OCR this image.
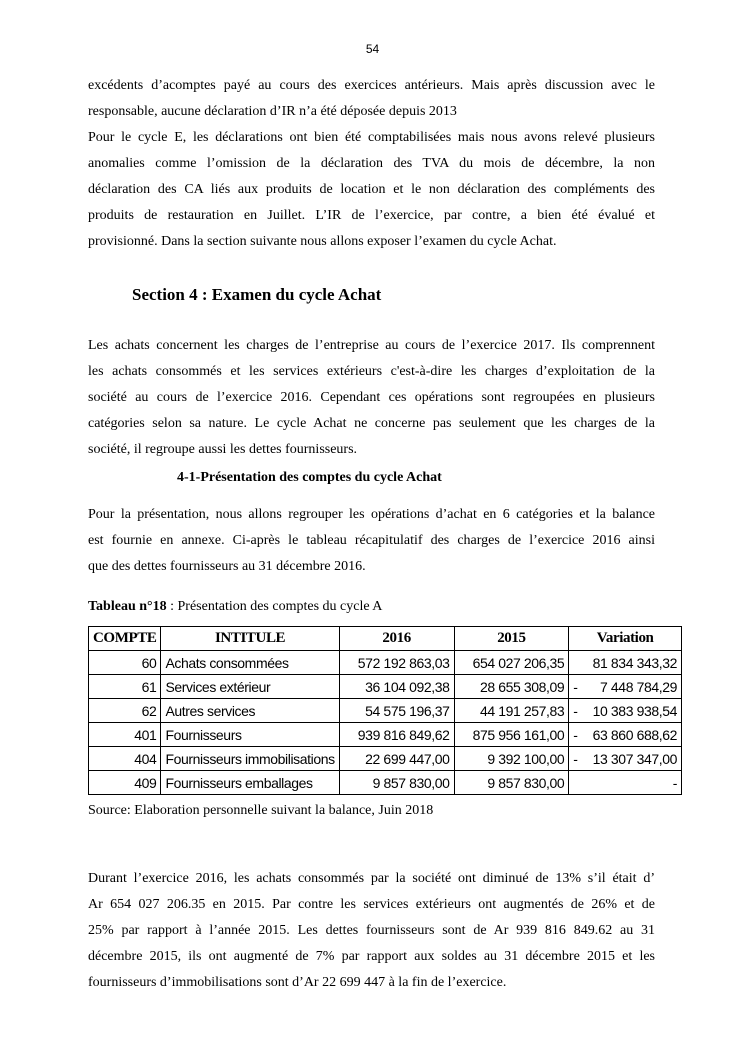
54
excédents d’acomptes payé au cours des exercices antérieurs. Mais après discussion avec le
responsable, aucune déclaration d’IR n’a été déposée depuis 2013
Pour le cycle E, les déclarations ont bien été comptabilisées mais nous avons relevé plusieurs
anomalies comme l’omission de la déclaration des TVA du mois de décembre, la non
déclaration des CA liés aux produits de location et le non déclaration des compléments des
produits de restauration en Juillet. L’IR de l’exercice, par contre, a bien été évalué et
provisionné. Dans la section suivante nous allons exposer l’examen du cycle Achat.
Section 4 : Examen du cycle Achat
Les achats concernent les charges de l’entreprise au cours de l’exercice 2017. Ils comprennent
les achats consommés et les services extérieurs c'est-à-dire les charges d’exploitation de la
société au cours de l’exercice 2016. Cependant ces opérations sont regroupées en plusieurs
catégories selon sa nature. Le cycle Achat ne concerne pas seulement que les charges de la
société, il regroupe aussi les dettes fournisseurs.
4-1-Présentation des comptes du cycle Achat
Pour la présentation, nous allons regrouper les opérations d’achat en 6 catégories et la balance
est fournie en annexe. Ci-après le tableau récapitulatif des charges de l’exercice 2016 ainsi
que des dettes fournisseurs au 31 décembre 2016.
Tableau n°18 : Présentation des comptes du cycle A
COMPTE	INTITULE	2016	2015	Variation
60	Achats consommées	572 192 863,03	654 027 206,35	81 834 343,32
61	Services extérieur	36 104 092,38	28 655 308,09	- 7 448 784,29
62	Autres services	54 575 196,37	44 191 257,83	- 10 383 938,54
401	Fournisseurs	939 816 849,62	875 956 161,00	- 63 860 688,62
404	Fournisseurs immobilisations	22 699 447,00	9 392 100,00	- 13 307 347,00
409	Fournisseurs emballages	9 857 830,00	9 857 830,00	-
Source: Elaboration personnelle suivant la balance, Juin 2018
Durant l’exercice 2016, les achats consommés par la société ont diminué de 13% s’il était d’
Ar 654 027 206.35 en 2015. Par contre les services extérieurs ont augmentés de 26% et de
25% par rapport à l’année 2015. Les dettes fournisseurs sont de Ar 939 816 849.62 au 31
décembre 2015, ils ont augmenté de 7% par rapport aux soldes au 31 décembre 2015 et les
fournisseurs d’immobilisations sont d’Ar 22 699 447 à la fin de l’exercice.
